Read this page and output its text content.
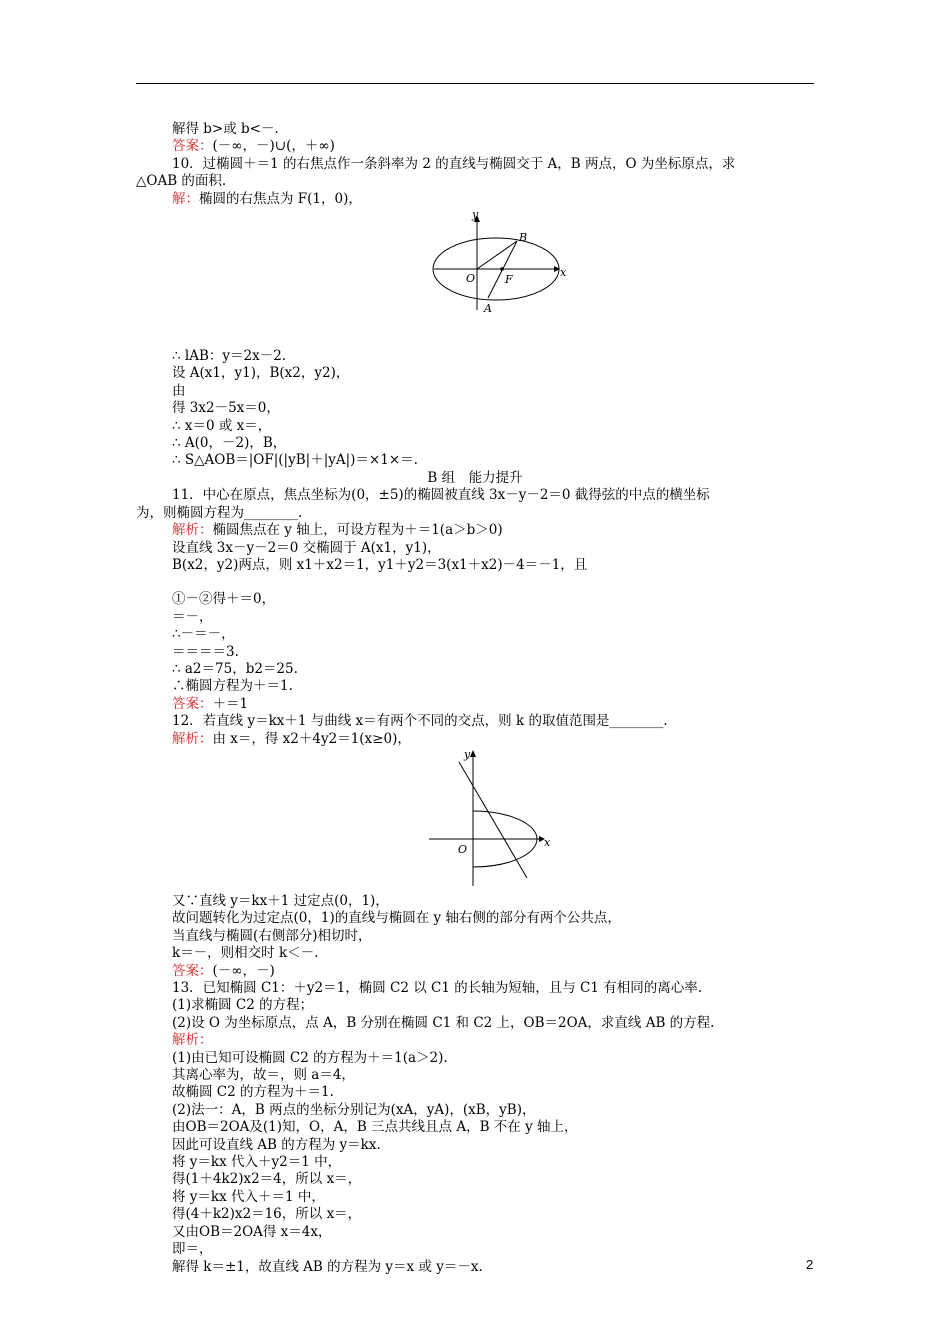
解得 b>或 b<－.
答案：(－∞，－)∪(，＋∞)
10．过椭圆＋＝1 的右焦点作一条斜率为 2 的直线与椭圆交于 A，B 两点，O 为坐标原点，求
△OAB 的面积.
解：椭圆的右焦点为 F(1，0)，
y
x
O	F
A
B
∴ lAB：y＝2x－2.
设 A(x1，y1)，B(x2，y2)，
由
得 3x2－5x＝0，
∴ x＝0 或 x＝，
∴ A(0，－2)，B，
∴ S△AOB＝|OF|(|yB|＋|yA|)＝×1×＝.
B 组　能力提升
11．中心在原点，焦点坐标为(0，±5)的椭圆被直线 3x－y－2＝0 截得弦的中点的横坐标
为，则椭圆方程为________.
解析：椭圆焦点在 y 轴上，可设方程为＋＝1(a＞b＞0)
设直线 3x－y－2＝0 交椭圆于 A(x1，y1)，
B(x2，y2)两点，则 x1＋x2＝1，y1＋y2＝3(x1＋x2)－4＝－1，且
①－②得＋＝0，
＝－，
∴－＝－，
＝＝＝＝3.
∴ a2＝75，b2＝25.
∴椭圆方程为＋＝1.
答案：＋＝1
12．若直线 y＝kx＋1 与曲线 x＝有两个不同的交点，则 k 的取值范围是________.
解析：由 x＝，得 x2＋4y2＝1(x≥0)，
y
x
O
又∵直线 y＝kx＋1 过定点(0，1)，
故问题转化为过定点(0，1)的直线与椭圆在 y 轴右侧的部分有两个公共点，
当直线与椭圆(右侧部分)相切时，
k＝－，则相交时 k＜－.
答案：(－∞，－)
13．已知椭圆 C1：＋y2＝1，椭圆 C2 以 C1 的长轴为短轴，且与 C1 有相同的离心率.
(1)求椭圆 C2 的方程；
(2)设 O 为坐标原点，点 A，B 分别在椭圆 C1 和 C2 上，OB＝2OA，求直线 AB 的方程.
解析：
(1)由已知可设椭圆 C2 的方程为＋＝1(a＞2).
其离心率为，故＝，则 a＝4，
故椭圆 C2 的方程为＋＝1.
(2)法一：A，B 两点的坐标分别记为(xA，yA)，(xB，yB)，
由OB＝2OA及(1)知，O，A，B 三点共线且点 A，B 不在 y 轴上，
因此可设直线 AB 的方程为 y＝kx.
将 y＝kx 代入＋y2＝1 中，
得(1＋4k2)x2＝4，所以 x＝，
将 y＝kx 代入＋＝1 中，
得(4＋k2)x2＝16，所以 x＝，
又由OB＝2OA得 x＝4x，
即＝，
解得 k＝±1，故直线 AB 的方程为 y＝x 或 y＝－x.	2
